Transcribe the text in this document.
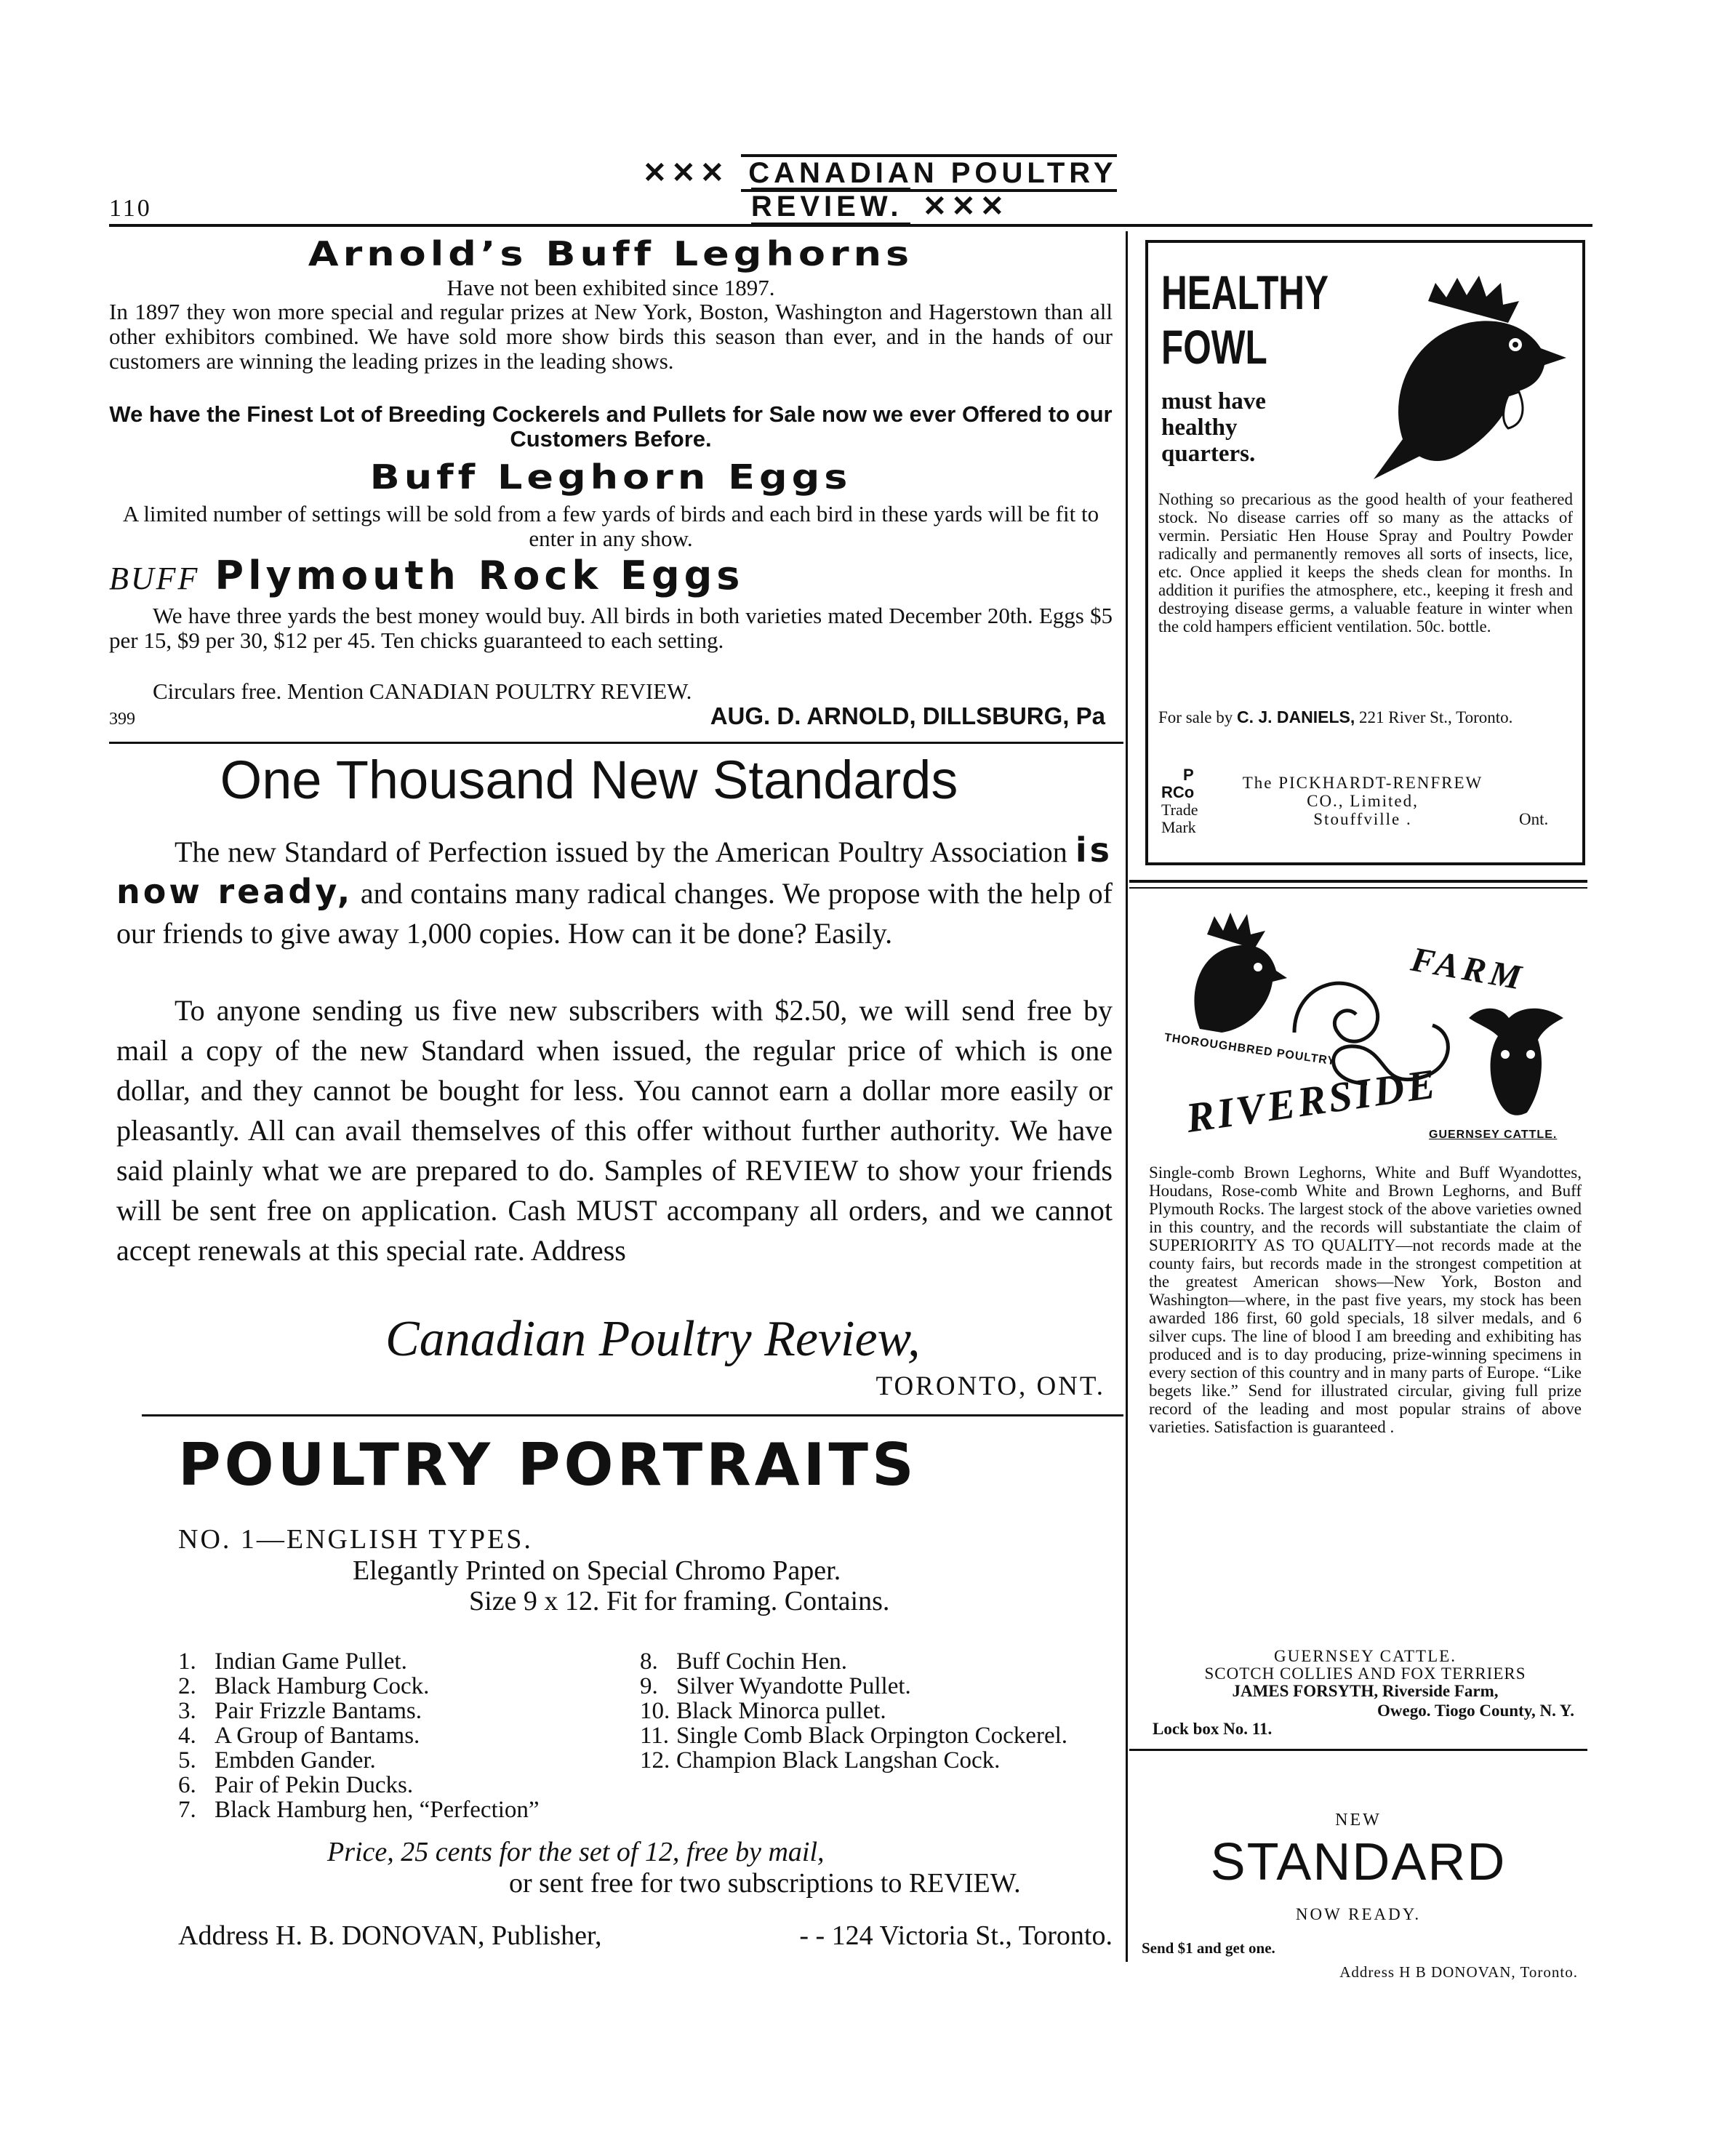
110
✕✕✕ CANADIAN POULTRY REVIEW. ✕✕✕
Arnold’s Buff Leghorns
Have not been exhibited since 1897.
In 1897 they won more special and regular prizes at New York, Boston, Washington and Hagerstown than all other exhibitors combined. We have sold more show birds this season than ever, and in the hands of our customers are winning the leading prizes in the leading shows.
We have the Finest Lot of Breeding Cockerels and Pullets for Sale now we ever Offered to our Customers Before.
Buff Leghorn Eggs
A limited number of settings will be sold from a few yards of birds and each bird in these yards will be fit to enter in any show.
BUFF Plymouth Rock Eggs
We have three yards the best money would buy. All birds in both varieties mated December 20th. Eggs $5 per 15, $9 per 30, $12 per 45. Ten chicks guaranteed to each setting.
Circulars free. Mention CANADIAN POULTRY REVIEW.
399	AUG. D. ARNOLD, DILLSBURG, Pa
One Thousand New Standards
The new Standard of Perfection issued by the American Poultry Association is now ready, and contains many radical changes. We propose with the help of our friends to give away 1,000 copies. How can it be done? Easily.
To anyone sending us five new subscribers with $2.50, we will send free by mail a copy of the new Standard when issued, the regular price of which is one dollar, and they cannot be bought for less. You cannot earn a dollar more easily or pleasantly. All can avail themselves of this offer without further authority. We have said plainly what we are prepared to do. Samples of REVIEW to show your friends will be sent free on application. Cash MUST accompany all orders, and we cannot accept renewals at this special rate. Address
Canadian Poultry Review,
TORONTO, ONT.
POULTRY PORTRAITS
NO. 1—ENGLISH TYPES.
Elegantly Printed on Special Chromo Paper.
Size 9 x 12. Fit for framing. Contains.
1. Indian Game Pullet.
2. Black Hamburg Cock.
3. Pair Frizzle Bantams.
4. A Group of Bantams.
5. Embden Gander.
6. Pair of Pekin Ducks.
7. Black Hamburg hen, “Perfection”
8. Buff Cochin Hen.
9. Silver Wyandotte Pullet.
10. Black Minorca pullet.
11. Single Comb Black Orpington Cockerel.
12. Champion Black Langshan Cock.
Price, 25 cents for the set of 12, free by mail,
or sent free for two subscriptions to REVIEW.
Address H. B. DONOVAN, Publisher,	- - 124 Victoria St., Toronto.
HEALTHY
FOWL
must have
healthy
quarters.
Nothing so precarious as the good health of your feathered stock. No disease carries off so many as the attacks of vermin. Persiatic Hen House Spray and Poultry Powder radically and permanently removes all sorts of insects, lice, etc. Once applied it keeps the sheds clean for months. In addition it purifies the atmosphere, etc., keeping it fresh and destroying disease germs, a valuable feature in winter when the cold hampers efficient ventilation. 50c. bottle.
For sale by C. J. DANIELS, 221 River St., Toronto.
P
RCo
Trade
Mark
The PICKHARDT-RENFREW
CO., Limited,
Stouffville .	Ont.
THOROUGHBRED POULTRY
FARM
RIVERSIDE
GUERNSEY CATTLE.
Single-comb Brown Leghorns, White and Buff Wyandottes, Houdans, Rose-comb White and Brown Leghorns, and Buff Plymouth Rocks. The largest stock of the above varieties owned in this country, and the records will substantiate the claim of SUPERIORITY AS TO QUALITY—not records made at the county fairs, but records made in the strongest competition at the greatest American shows—New York, Boston and Washington—where, in the past five years, my stock has been awarded 186 first, 60 gold specials, 18 silver medals, and 6 silver cups. The line of blood I am breeding and exhibiting has produced and is to day producing, prize-winning specimens in every section of this country and in many parts of Europe. “Like begets like.” Send for illustrated circular, giving full prize record of the leading and most popular strains of above varieties. Satisfaction is guaranteed .
GUERNSEY CATTLE.
SCOTCH COLLIES AND FOX TERRIERS
JAMES FORSYTH, Riverside Farm,
Owego. Tiogo County, N. Y.
Lock box No. 11.
NEW
STANDARD
NOW READY.
Send $1 and get one.
Address H B DONOVAN, Toronto.
